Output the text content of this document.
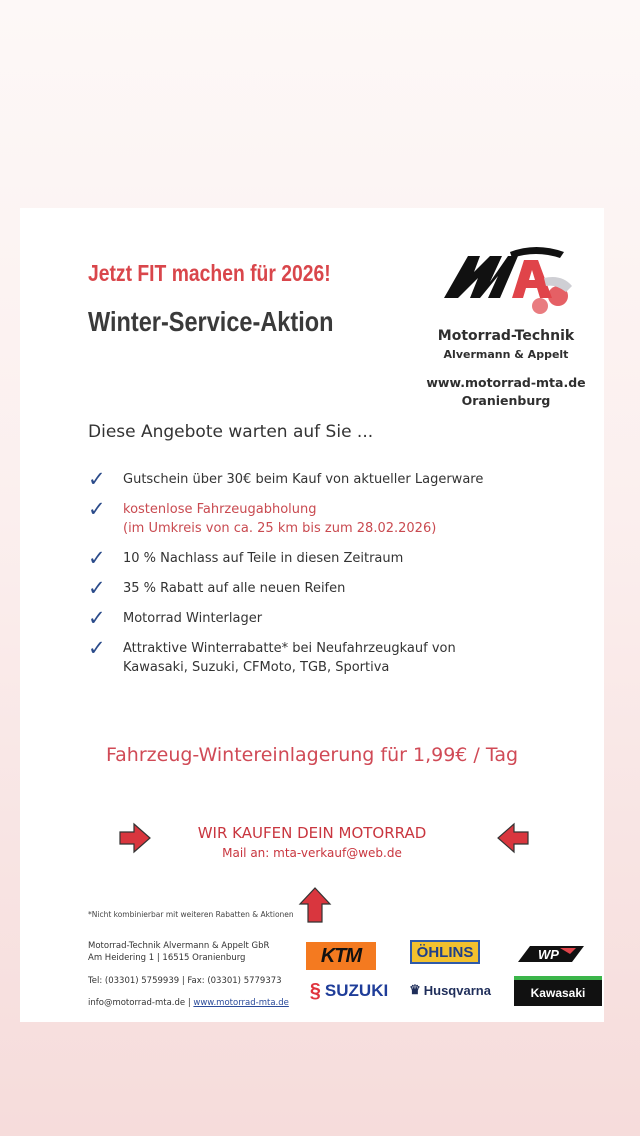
Jetzt FIT machen für 2026!
Winter-Service-Aktion	Motorrad-Technik
Alvermann & Appelt
www.motorrad-mta.de
Oranienburg
Diese Angebote warten auf Sie ...
✓	Gutschein über 30€ beim Kauf von aktueller Lagerware
✓	kostenlose Fahrzeugabholung
(im Umkreis von ca. 25 km bis zum 28.02.2026)
✓	10 % Nachlass auf Teile in diesen Zeitraum
✓	35 % Rabatt auf alle neuen Reifen
✓	Motorrad Winterlager
✓	Attraktive Winterrabatte* bei Neufahrzeugkauf von
Kawasaki, Suzuki, CFMoto, TGB, Sportiva
Fahrzeug-Wintereinlagerung für 1,99€ / Tag
WIR KAUFEN DEIN MOTORRAD
Mail an: mta-verkauf@web.de
*Nicht kombinierbar mit weiteren Rabatten & Aktionen
Motorrad-Technik Alvermann & Appelt GbR
Am Heidering 1 | 16515 Oranienburg
Tel: (03301) 5759939 | Fax: (03301) 5779373
info@motorrad-mta.de | www.motorrad-mta.de
KTM	ÖHLINS	WP
§ SUZUKI ♛ Husqvarna	Kawasaki
